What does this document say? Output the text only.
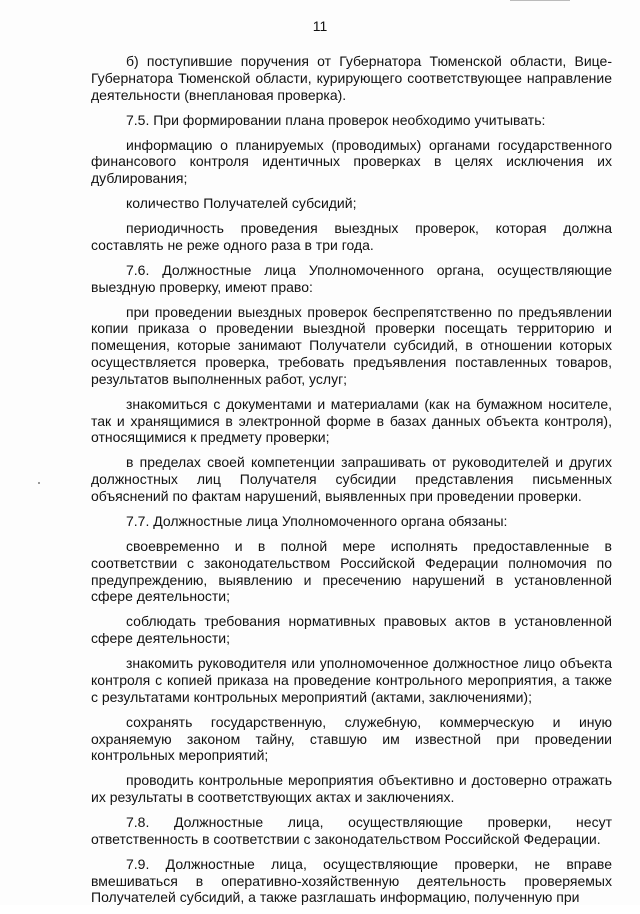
11

б) поступившие поручения от Губернатора Тюменской области, Вице-Губернатора Тюменской области, курирующего соответствующее направление деятельности (внеплановая проверка).

7.5. При формировании плана проверок необходимо учитывать:

информацию о планируемых (проводимых) органами государственного финансового контроля идентичных проверках в целях исключения их дублирования;

количество Получателей субсидий;

периодичность проведения выездных проверок, которая должна составлять не реже одного раза в три года.

7.6. Должностные лица Уполномоченного органа, осуществляющие выездную проверку, имеют право:

при проведении выездных проверок беспрепятственно по предъявлении копии приказа о проведении выездной проверки посещать территорию и помещения, которые занимают Получатели субсидий, в отношении которых осуществляется проверка, требовать предъявления поставленных товаров, результатов выполненных работ, услуг;

знакомиться с документами и материалами (как на бумажном носителе, так и хранящимися в электронной форме в базах данных объекта контроля), относящимися к предмету проверки;

в пределах своей компетенции запрашивать от руководителей и других должностных лиц Получателя субсидии представления письменных объяснений по фактам нарушений, выявленных при проведении проверки.

7.7. Должностные лица Уполномоченного органа обязаны:

своевременно и в полной мере исполнять предоставленные в соответствии с законодательством Российской Федерации полномочия по предупреждению, выявлению и пресечению нарушений в установленной сфере деятельности;

соблюдать требования нормативных правовых актов в установленной сфере деятельности;

знакомить руководителя или уполномоченное должностное лицо объекта контроля с копией приказа на проведение контрольного мероприятия, а также с результатами контрольных мероприятий (актами, заключениями);

сохранять государственную, служебную, коммерческую и иную охраняемую законом тайну, ставшую им известной при проведении контрольных мероприятий;

проводить контрольные мероприятия объективно и достоверно отражать их результаты в соответствующих актах и заключениях.

7.8. Должностные лица, осуществляющие проверки, несут ответственность в соответствии с законодательством Российской Федерации.

7.9. Должностные лица, осуществляющие проверки, не вправе вмешиваться в оперативно-хозяйственную деятельность проверяемых Получателей субсидий, а также разглашать информацию, полученную при
